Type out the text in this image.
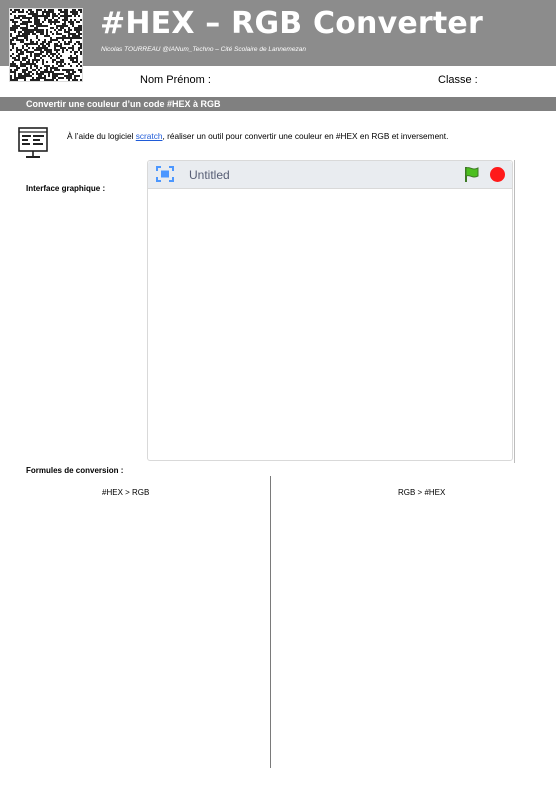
#HEX – RGB Converter
Nicolas TOURREAU @IANum_Techno – Cité Scolaire de Lannemezan
Nom Prénom :	Classe :
Convertir une couleur d’un code #HEX à RGB
À l’aide du logiciel scratch, réaliser un outil pour convertir une couleur en #HEX en RGB et inversement.
Interface graphique :
Untitled
Formules de conversion :
#HEX > RGB	RGB > #HEX
